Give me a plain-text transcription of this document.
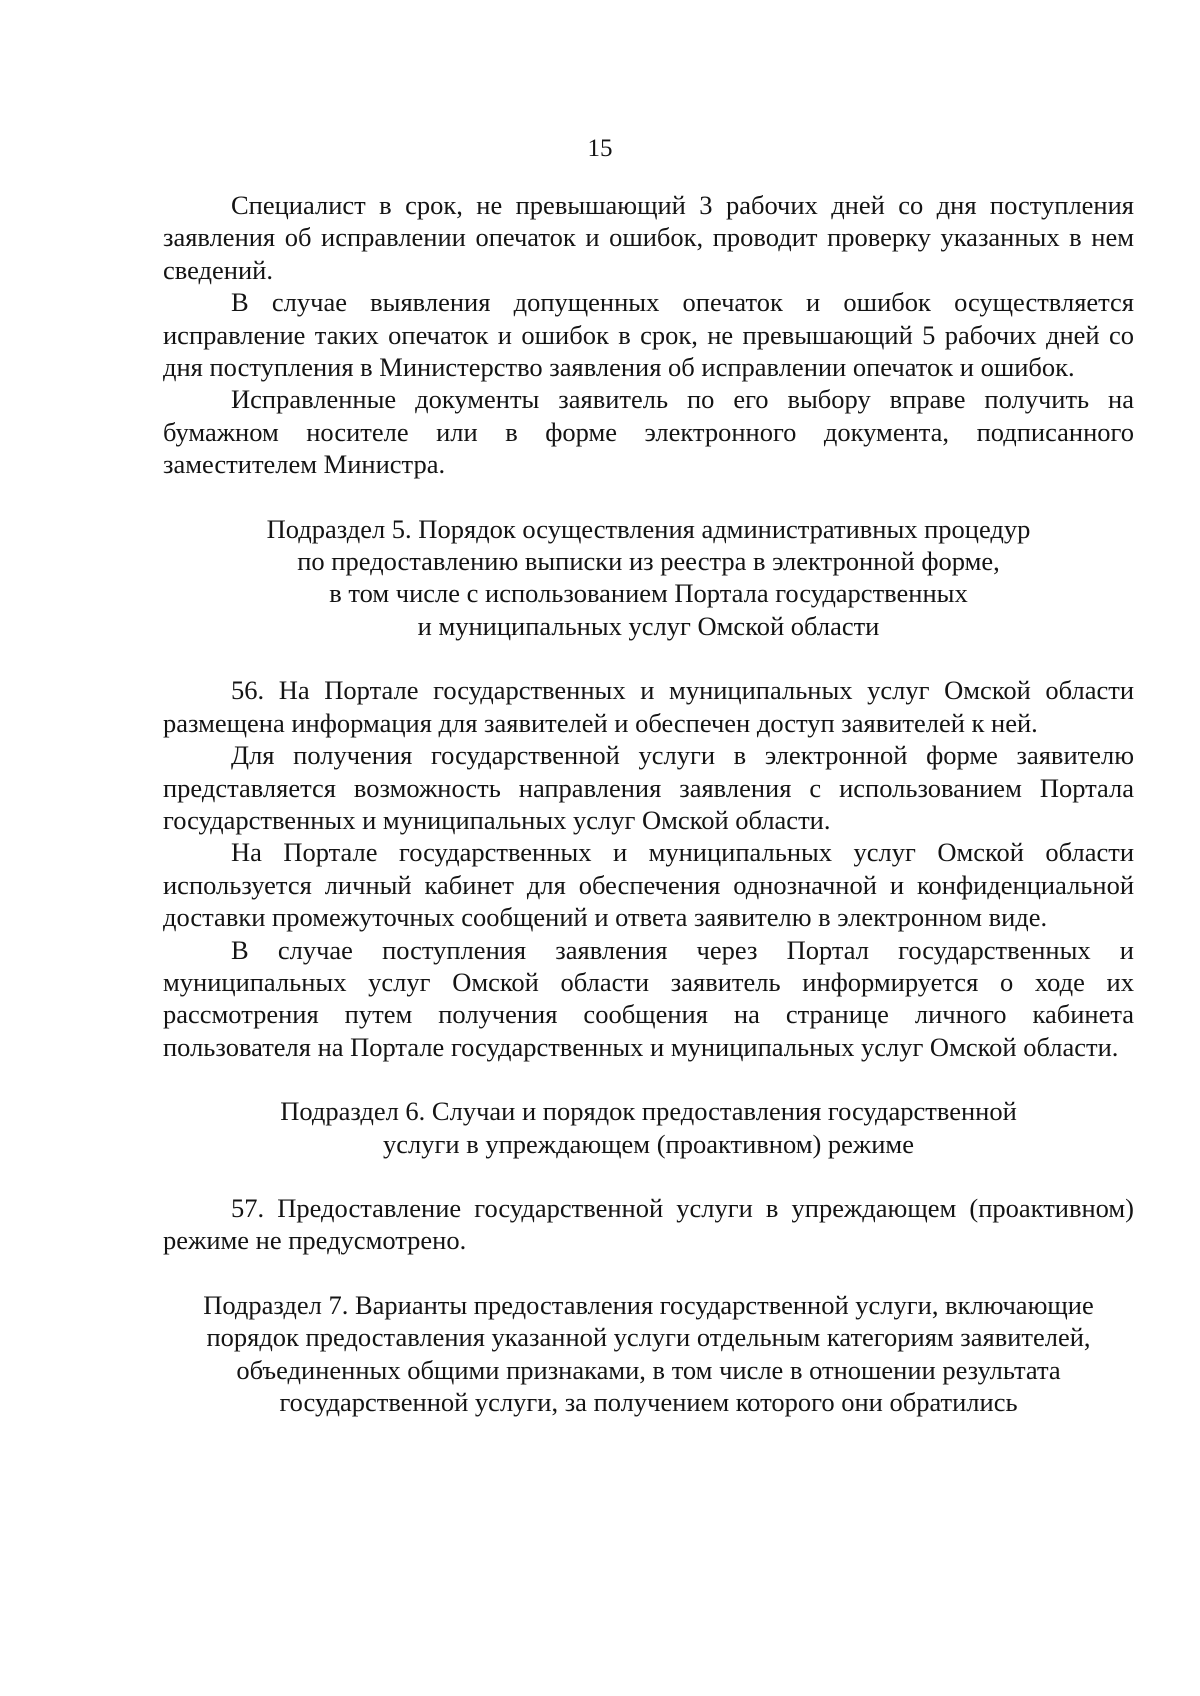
15

Специалист в срок, не превышающий 3 рабочих дней со дня поступления заявления об исправлении опечаток и ошибок, проводит проверку указанных в нем сведений.

В случае выявления допущенных опечаток и ошибок осуществляется исправление таких опечаток и ошибок в срок, не превышающий 5 рабочих дней со дня поступления в Министерство заявления об исправлении опечаток и ошибок.

Исправленные документы заявитель по его выбору вправе получить на бумажном носителе или в форме электронного документа, подписанного заместителем Министра.

Подраздел 5. Порядок осуществления административных процедур
по предоставлению выписки из реестра в электронной форме,
в том числе с использованием Портала государственных
и муниципальных услуг Омской области

56. На Портале государственных и муниципальных услуг Омской области размещена информация для заявителей и обеспечен доступ заявителей к ней.

Для получения государственной услуги в электронной форме заявителю представляется возможность направления заявления с использованием Портала государственных и муниципальных услуг Омской области.

На Портале государственных и муниципальных услуг Омской области используется личный кабинет для обеспечения однозначной и конфиденциальной доставки промежуточных сообщений и ответа заявителю в электронном виде.

В случае поступления заявления через Портал государственных и муниципальных услуг Омской области заявитель информируется о ходе их рассмотрения путем получения сообщения на странице личного кабинета пользователя на Портале государственных и муниципальных услуг Омской области.

Подраздел 6. Случаи и порядок предоставления государственной
услуги в упреждающем (проактивном) режиме

57. Предоставление государственной услуги в упреждающем (проактивном) режиме не предусмотрено.

Подраздел 7. Варианты предоставления государственной услуги, включающие
порядок предоставления указанной услуги отдельным категориям заявителей,
объединенных общими признаками, в том числе в отношении результата
государственной услуги, за получением которого они обратились
